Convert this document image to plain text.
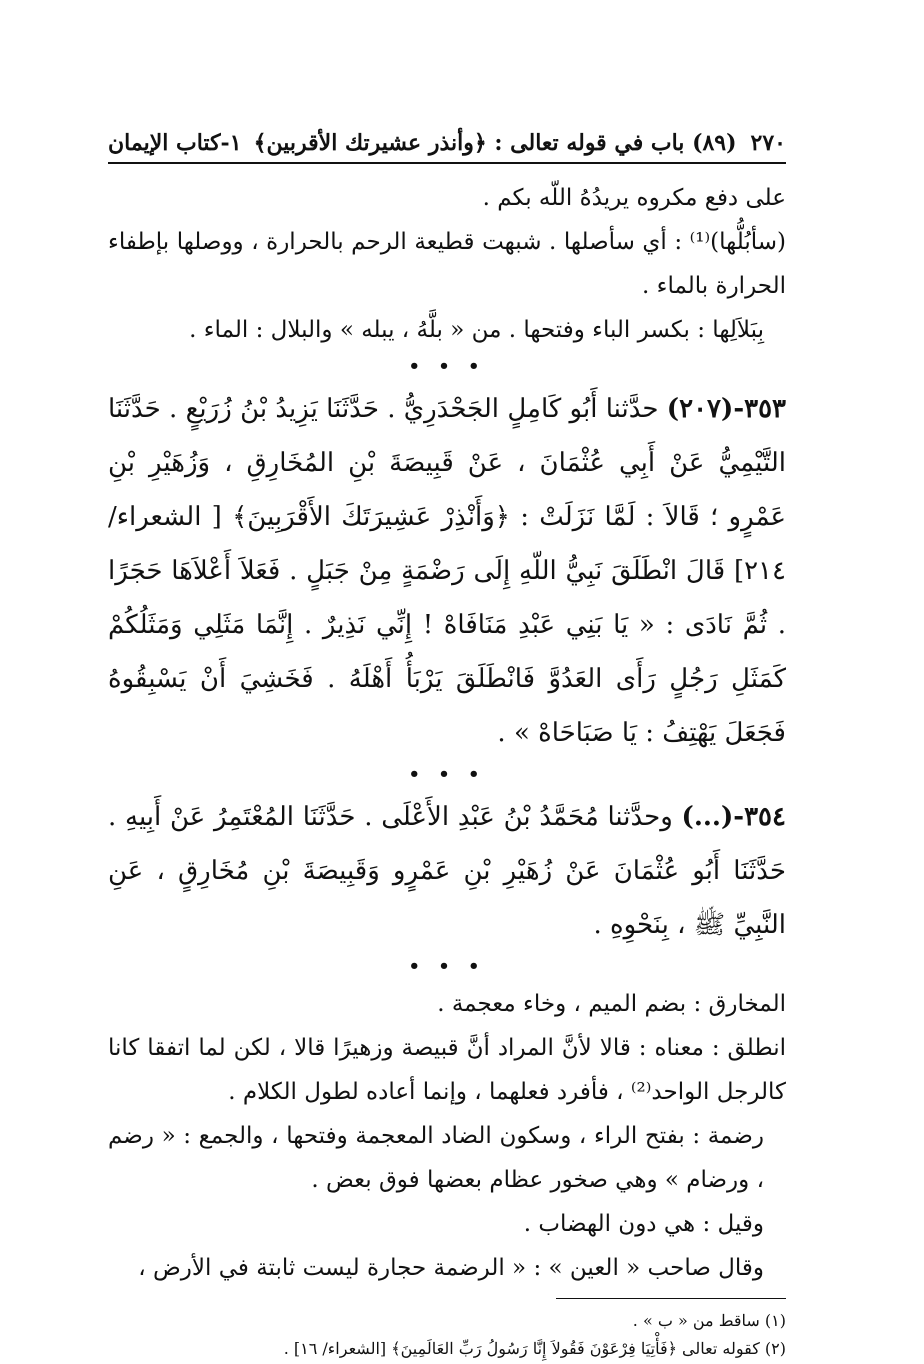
٢٧٠
(٨٩) باب في قوله تعالى : ﴿وأنذر عشيرتك الأقربين﴾
١-كتاب الإيمان

على دفع مكروه يريدُهُ اللّه بكم .

(سأبُلُّها)⁽¹⁾ : أي سأصلها . شبهت قطيعة الرحم بالحرارة ، ووصلها بإطفاء الحرارة بالماء .

بِبَلاَلِها : بكسر الباء وفتحها . من « بلَّهُ ، يبله » والبلال : الماء .

• • •

٣٥٣-(٢٠٧) حدَّثنا أَبُو كَامِلٍ الجَحْدَرِيُّ . حَدَّثَنَا يَزِيدُ بْنُ زُرَيْعٍ . حَدَّثَنَا التَّيْمِيُّ عَنْ أَبِي عُثْمَانَ ، عَنْ قَبِيصَةَ بْنِ المُخَارِقِ ، وَزُهَيْرِ بْنِ عَمْرٍو ؛ قَالاَ : لَمَّا نَزَلَتْ : ﴿وَأَنْذِرْ عَشِيرَتَكَ الأَقْرَبِينَ﴾ [ الشعراء/ ٢١٤] قَالَ انْطَلَقَ نَبِيُّ اللّهِ إِلَى رَضْمَةٍ مِنْ جَبَلٍ . فَعَلاَ أَعْلاَهَا حَجَرًا . ثُمَّ نَادَى : « يَا بَنِي عَبْدِ مَنَافَاهْ ! إِنِّي نَذِيرٌ . إِنَّمَا مَثَلِي وَمَثَلُكُمْ كَمَثَلِ رَجُلٍ رَأَى العَدُوَّ فَانْطَلَقَ يَرْبَأُ أَهْلَهُ . فَخَشِيَ أَنْ يَسْبِقُوهُ فَجَعَلَ يَهْتِفُ : يَا صَبَاحَاهْ » .

• • •

٣٥٤-(...) وحدَّثنا مُحَمَّدُ بْنُ عَبْدِ الأَعْلَى . حَدَّثَنَا المُعْتَمِرُ عَنْ أَبِيهِ . حَدَّثَنَا أَبُو عُثْمَانَ عَنْ زُهَيْرِ بْنِ عَمْرٍو وَقَبِيصَةَ بْنِ مُخَارِقٍ ، عَنِ النَّبِيِّ ﷺ ، بِنَحْوِهِ .

• • •

المخارق : بضم الميم ، وخاء معجمة .

انطلق : معناه : قالا لأنَّ المراد أنَّ قبيصة وزهيرًا قالا ، لكن لما اتفقا كانا كالرجل الواحد⁽²⁾ ، فأفرد فعلهما ، وإنما أعاده لطول الكلام .

رضمة : بفتح الراء ، وسكون الضاد المعجمة وفتحها ، والجمع : « رضم ، ورضام » وهي صخور عظام بعضها فوق بعض .

وقيل : هي دون الهضاب .

وقال صاحب « العين » : « الرضمة حجارة ليست ثابتة في الأرض ،

(١) ساقط من « ب » .

(٢) كقوله تعالى ﴿فَأْتِيَا فِرْعَوْنَ فَقُولاَ إِنَّا رَسُولُ رَبِّ العَالَمِينَ﴾ [الشعراء/ ١٦] .
